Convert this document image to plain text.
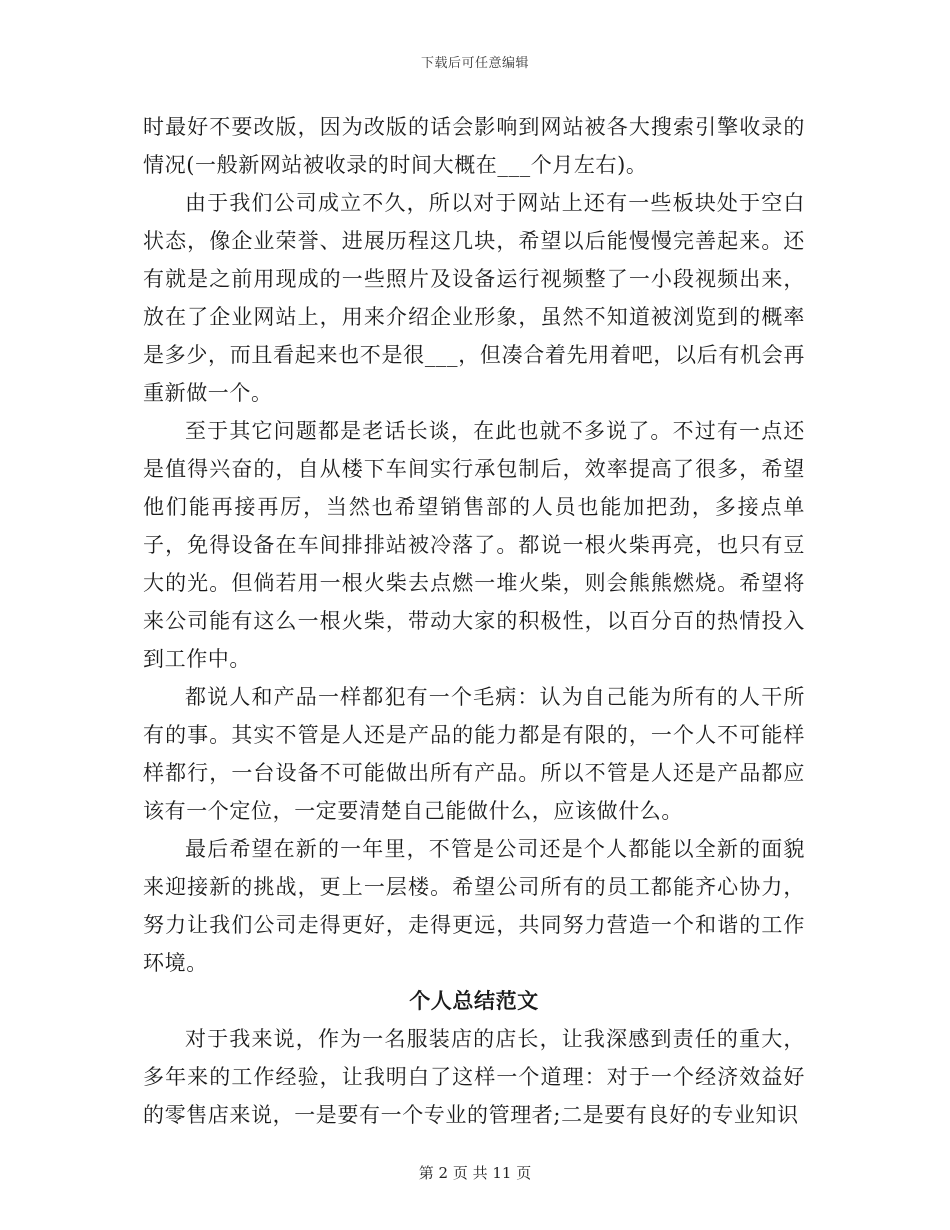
下载后可任意编辑

时最好不要改版，因为改版的话会影响到网站被各大搜索引擎收录的情况(一般新网站被收录的时间大概在___个月左右)。

由于我们公司成立不久，所以对于网站上还有一些板块处于空白状态，像企业荣誉、进展历程这几块，希望以后能慢慢完善起来。还有就是之前用现成的一些照片及设备运行视频整了一小段视频出来，放在了企业网站上，用来介绍企业形象，虽然不知道被浏览到的概率是多少，而且看起来也不是很___，但凑合着先用着吧，以后有机会再重新做一个。

至于其它问题都是老话长谈，在此也就不多说了。不过有一点还是值得兴奋的，自从楼下车间实行承包制后，效率提高了很多，希望他们能再接再厉，当然也希望销售部的人员也能加把劲，多接点单子，免得设备在车间排排站被冷落了。都说一根火柴再亮，也只有豆大的光。但倘若用一根火柴去点燃一堆火柴，则会熊熊燃烧。希望将来公司能有这么一根火柴，带动大家的积极性，以百分百的热情投入到工作中。

都说人和产品一样都犯有一个毛病：认为自己能为所有的人干所有的事。其实不管是人还是产品的能力都是有限的，一个人不可能样样都行，一台设备不可能做出所有产品。所以不管是人还是产品都应该有一个定位，一定要清楚自己能做什么，应该做什么。

最后希望在新的一年里，不管是公司还是个人都能以全新的面貌来迎接新的挑战，更上一层楼。希望公司所有的员工都能齐心协力，努力让我们公司走得更好，走得更远，共同努力营造一个和谐的工作环境。

个人总结范文

对于我来说，作为一名服装店的店长，让我深感到责任的重大，多年来的工作经验，让我明白了这样一个道理：对于一个经济效益好的零售店来说，一是要有一个专业的管理者;二是要有良好的专业知识

第 2 页 共 11 页
